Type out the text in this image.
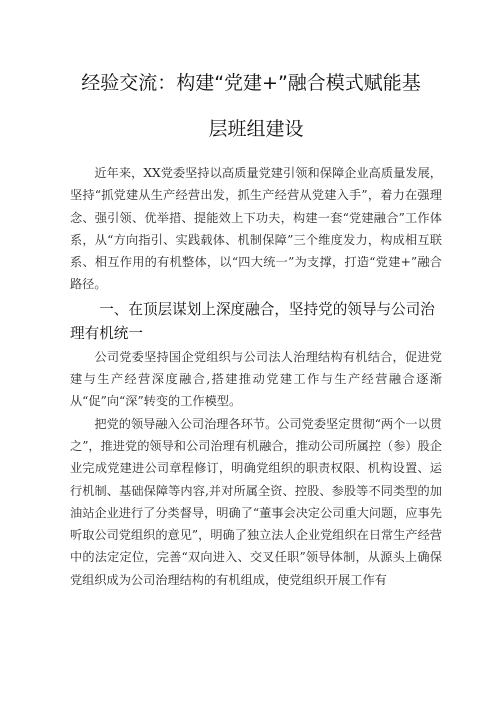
经验交流：构建“党建+”融合模式赋能基
层班组建设

近年来，XX党委坚持以高质量党建引领和保障企业高质量发展，坚持“抓党建从生产经营出发，抓生产经营从党建入手”，着力在强理念、强引领、优举措、提能效上下功夫，构建一套“党建融合”工作体系，从“方向指引、实践载体、机制保障”三个维度发力，构成相互联系、相互作用的有机整体，以“四大统一”为支撑，打造“党建+”融合路径。

一、在顶层谋划上深度融合，坚持党的领导与公司治理有机统一

公司党委坚持国企党组织与公司法人治理结构有机结合，促进党建与生产经营深度融合,搭建推动党建工作与生产经营融合逐渐从“促”向“深”转变的工作模型。

把党的领导融入公司治理各环节。公司党委坚定贯彻“两个一以贯之”，推进党的领导和公司治理有机融合，推动公司所属控（参）股企业完成党建进公司章程修订，明确党组织的职责权限、机构设置、运行机制、基础保障等内容,并对所属全资、控股、参股等不同类型的加油站企业进行了分类督导，明确了“董事会决定公司重大问题，应事先听取公司党组织的意见”，明确了独立法人企业党组织在日常生产经营中的法定定位，完善“双向进入、交叉任职”领导体制，从源头上确保党组织成为公司治理结构的有机组成，使党组织开展工作有
